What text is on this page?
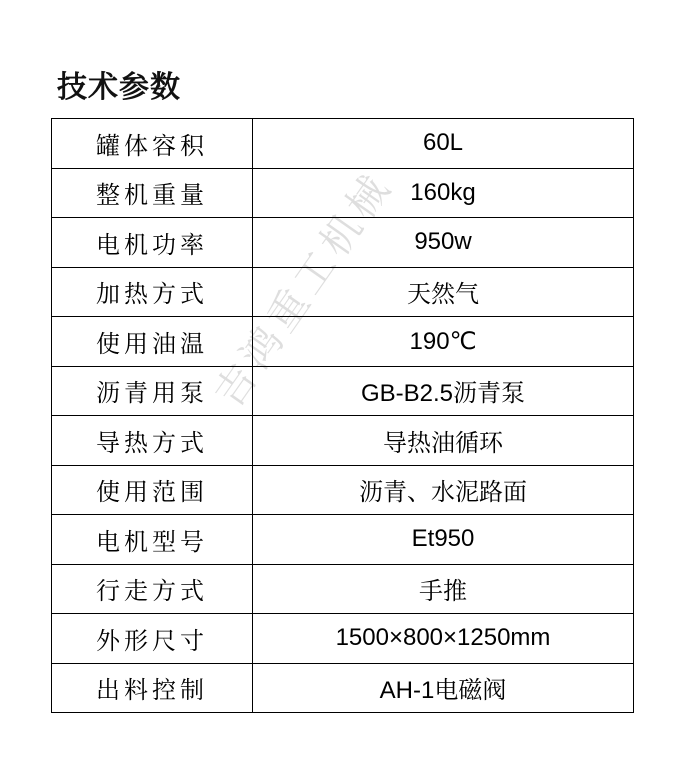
技术参数
罐体容积	60L
整机重量	160kg
电机功率	950w
加热方式	天然气
使用油温	190℃
沥青用泵	GB-B2.5沥青泵
导热方式	导热油循环
使用范围	沥青、水泥路面
电机型号	Et950
行走方式	手推
外形尺寸	1500×800×1250mm
出料控制	AH-1电磁阀
吉鸿重工机械
